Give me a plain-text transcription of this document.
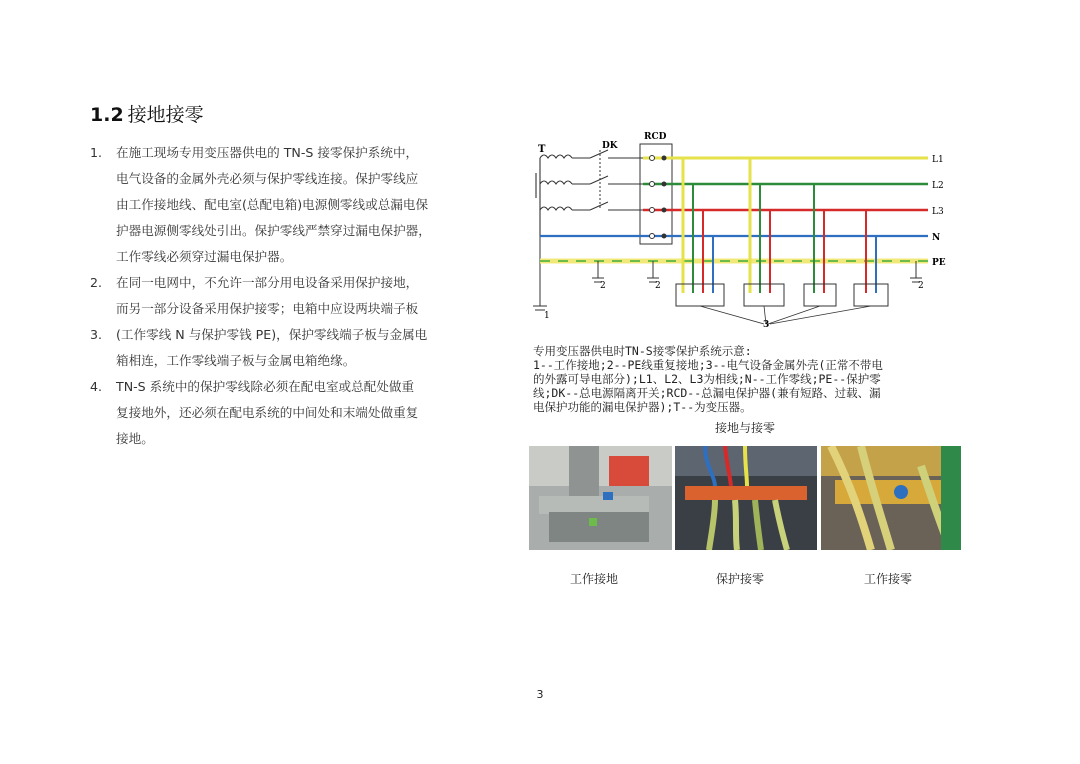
1.2 接地接零
1. 在施工现场专用变压器供电的 TN-S 接零保护系统中，
电气设备的金属外壳必须与保护零线连接。保护零线应
由工作接地线、配电室(总配电箱)电源侧零线或总漏电保
护器电源侧零线处引出。保护零线严禁穿过漏电保护器，
工作零线必须穿过漏电保护器。
2. 在同一电网中，不允许一部分用电设备采用保护接地，
而另一部分设备采用保护接零；电箱中应设两块端子板
3. (工作零线 N 与保护零钱 PE)，保护零线端子板与金属电
箱相连，工作零线端子板与金属电箱绝缘。
4. TN-S 系统中的保护零线除必须在配电室或总配处做重
复接地外，还必须在配电系统的中间处和末端处做重复
接地。
T
1
DK
RCD
L1
L2
L3
N
PE
2	2	2
3
专用变压器供电时TN-S接零保护系统示意:
1--工作接地;2--PE线重复接地;3--电气设备金属外壳(正常不带电
的外露可导电部分);L1、L2、L3为相线;N--工作零线;PE--保护零
线;DK--总电源隔离开关;RCD--总漏电保护器(兼有短路、过载、漏
电保护功能的漏电保护器);T--为变压器。
接地与接零
工作接地	保护接零	工作接零
3
